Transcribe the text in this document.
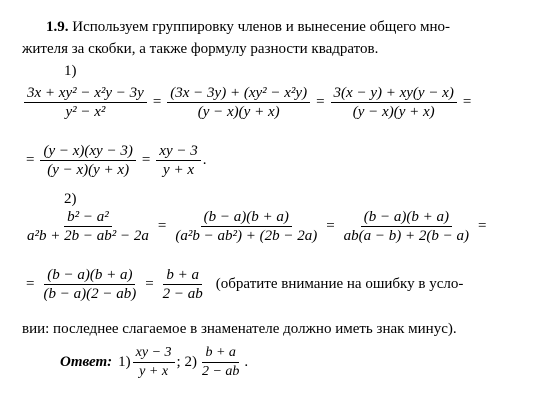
1.9. Используем группировку членов и вынесение общего мно-
жителя за скобки, а также формулу разности квадратов.
1)
$\frac{\text{3x + xy² − x²y − 3y}}{\text{y² − x²}} = \frac{\text{(3x − 3y) + (xy² − x²y)}}{(y - x)(y + x)} = \frac{3(x - y) + xy(y - x)}{(y - x)(y + x)}$ =
= $\frac{(y - x)(xy - 3)}{(y - x)(y + x)} = \frac{xy - 3}{y + x}$ .
2)
$\frac{\text{b² − a²}}{\text{a²b + 2b − ab² − 2a}} = \frac{(b - a)(b + a)}{\text{(a²b − ab²) + (2b − 2a)}} = \frac{(b - a)(b + a)}{ab(a - b) + 2(b - a)}$ =
= $\frac{(b - a)(b + a)}{(b - a)(2 - ab)} = \frac{b + a}{2 - ab}$ (обратите внимание на ошибку в усло-
вии: последнее слагаемое в знаменателе должно иметь знак минус).
Ответ: $1) \frac{xy - 3}{y + x}$ ; $2) \frac{b + a}{2 - ab}$ .
